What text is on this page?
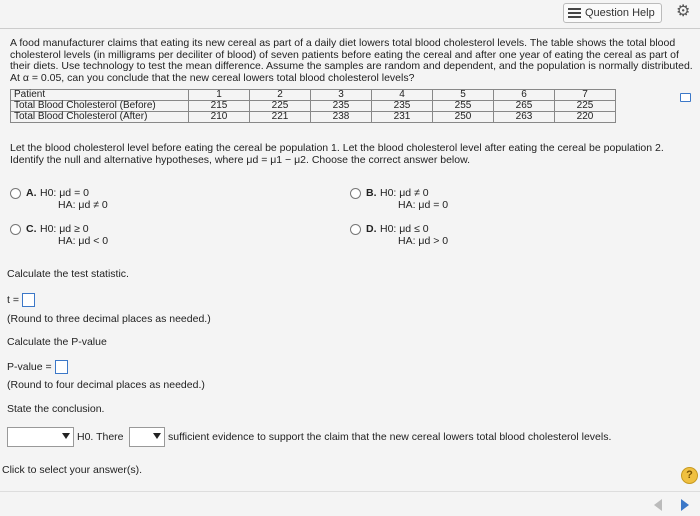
Question Help ⚙
A food manufacturer claims that eating its new cereal as part of a daily diet lowers total blood cholesterol levels. The table shows the total blood cholesterol levels (in milligrams per deciliter of blood) of seven patients before eating the cereal and after one year of eating the cereal as part of their diets. Use technology to test the mean difference. Assume the samples are random and dependent, and the population is normally distributed. At α = 0.05, can you conclude that the new cereal lowers total blood cholesterol levels?
Patient	1	2	3	4	5	6	7
Total Blood Cholesterol (Before)	215	225	235	235	255	265	225
Total Blood Cholesterol (After)	210	221	238	231	250	263	220
Let the blood cholesterol level before eating the cereal be population 1. Let the blood cholesterol level after eating the cereal be population 2.
Identify the null and alternative hypotheses, where μd = μ1 − μ2. Choose the correct answer below.
A. H0: μd = 0
HA: μd ≠ 0
B. H0: μd ≠ 0
HA: μd = 0
C. H0: μd ≥ 0
HA: μd < 0
D. H0: μd ≤ 0
HA: μd > 0
Calculate the test statistic.
t =
(Round to three decimal places as needed.)
Calculate the P-value
P-value =
(Round to four decimal places as needed.)
State the conclusion.
H0. There	sufficient evidence to support the claim that the new cereal lowers total blood cholesterol levels.
Click to select your answer(s).	?
